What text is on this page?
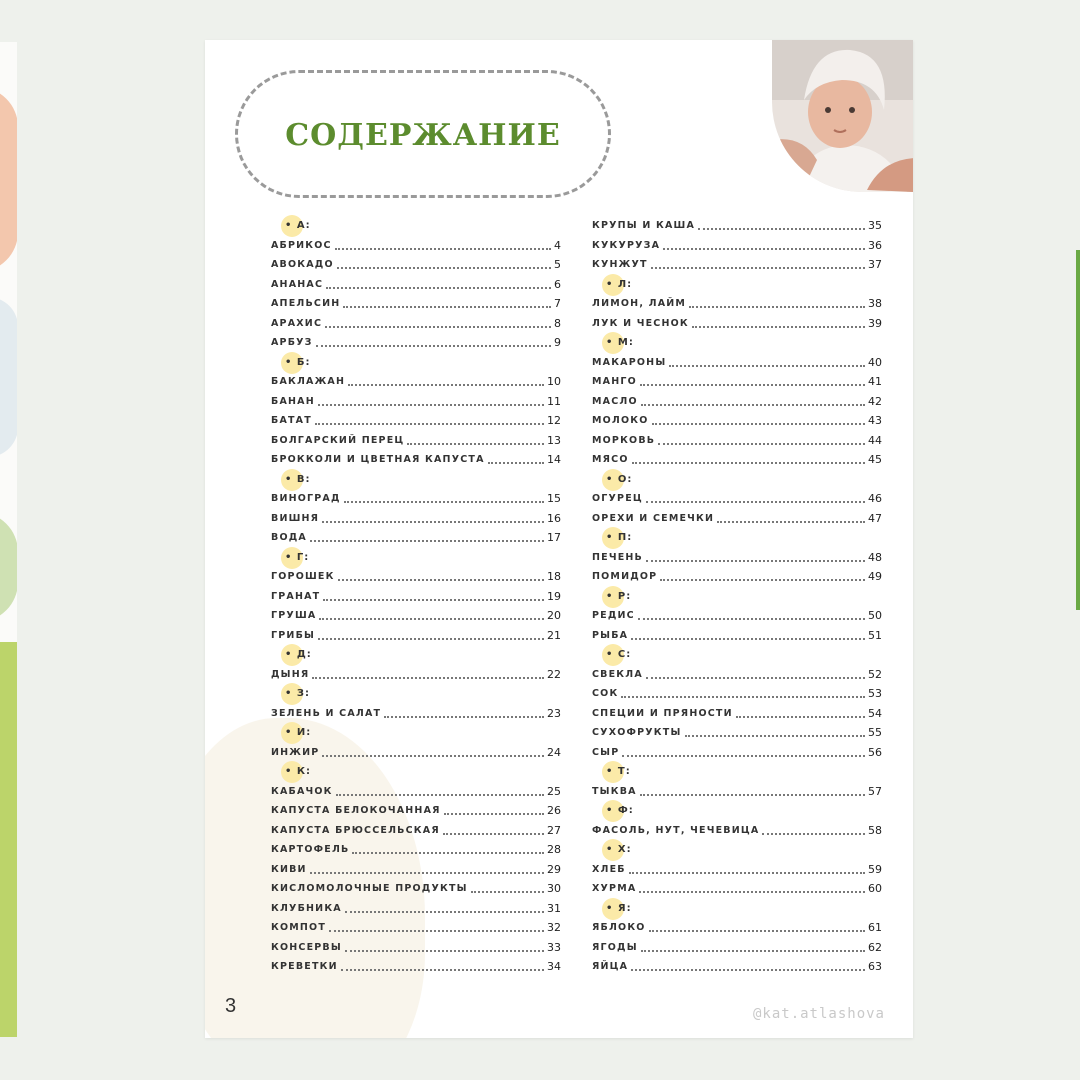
СОДЕРЖАНИЕ
• А:
АБРИКОС	4
АВОКАДО	5
АНАНАС	6
АПЕЛЬСИН	7
АРАХИС	8
АРБУЗ	9
• Б:
БАКЛАЖАН	10
БАНАН	11
БАТАТ	12
БОЛГАРСКИЙ ПЕРЕЦ	13
БРОККОЛИ И ЦВЕТНАЯ КАПУСТА	14
• В:
ВИНОГРАД	15
ВИШНЯ	16
ВОДА	17
• Г:
ГОРОШЕК	18
ГРАНАТ	19
ГРУША	20
ГРИБЫ	21
• Д:
ДЫНЯ	22
• З:
ЗЕЛЕНЬ И САЛАТ	23
• И:
ИНЖИР	24
• К:
КАБАЧОК	25
КАПУСТА БЕЛОКОЧАННАЯ	26
КАПУСТА БРЮССЕЛЬСКАЯ	27
КАРТОФЕЛЬ	28
КИВИ	29
КИСЛОМОЛОЧНЫЕ ПРОДУКТЫ	30
КЛУБНИКА	31
КОМПОТ	32
КОНСЕРВЫ	33
КРЕВЕТКИ	34
КРУПЫ И КАША	35
КУКУРУЗА	36
КУНЖУТ	37
• Л:
ЛИМОН, ЛАЙМ	38
ЛУК И ЧЕСНОК	39
• М:
МАКАРОНЫ	40
МАНГО	41
МАСЛО	42
МОЛОКО	43
МОРКОВЬ	44
МЯСО	45
• О:
ОГУРЕЦ	46
ОРЕХИ И СЕМЕЧКИ	47
• П:
ПЕЧЕНЬ	48
ПОМИДОР	49
• Р:
РЕДИС	50
РЫБА	51
• С:
СВЕКЛА	52
СОК	53
СПЕЦИИ И ПРЯНОСТИ	54
СУХОФРУКТЫ	55
СЫР	56
• Т:
ТЫКВА	57
• Ф:
ФАСОЛЬ, НУТ, ЧЕЧЕВИЦА	58
• Х:
ХЛЕБ	59
ХУРМА	60
• Я:
ЯБЛОКО	61
ЯГОДЫ	62
ЯЙЦА	63
3	@kat.atlashova
